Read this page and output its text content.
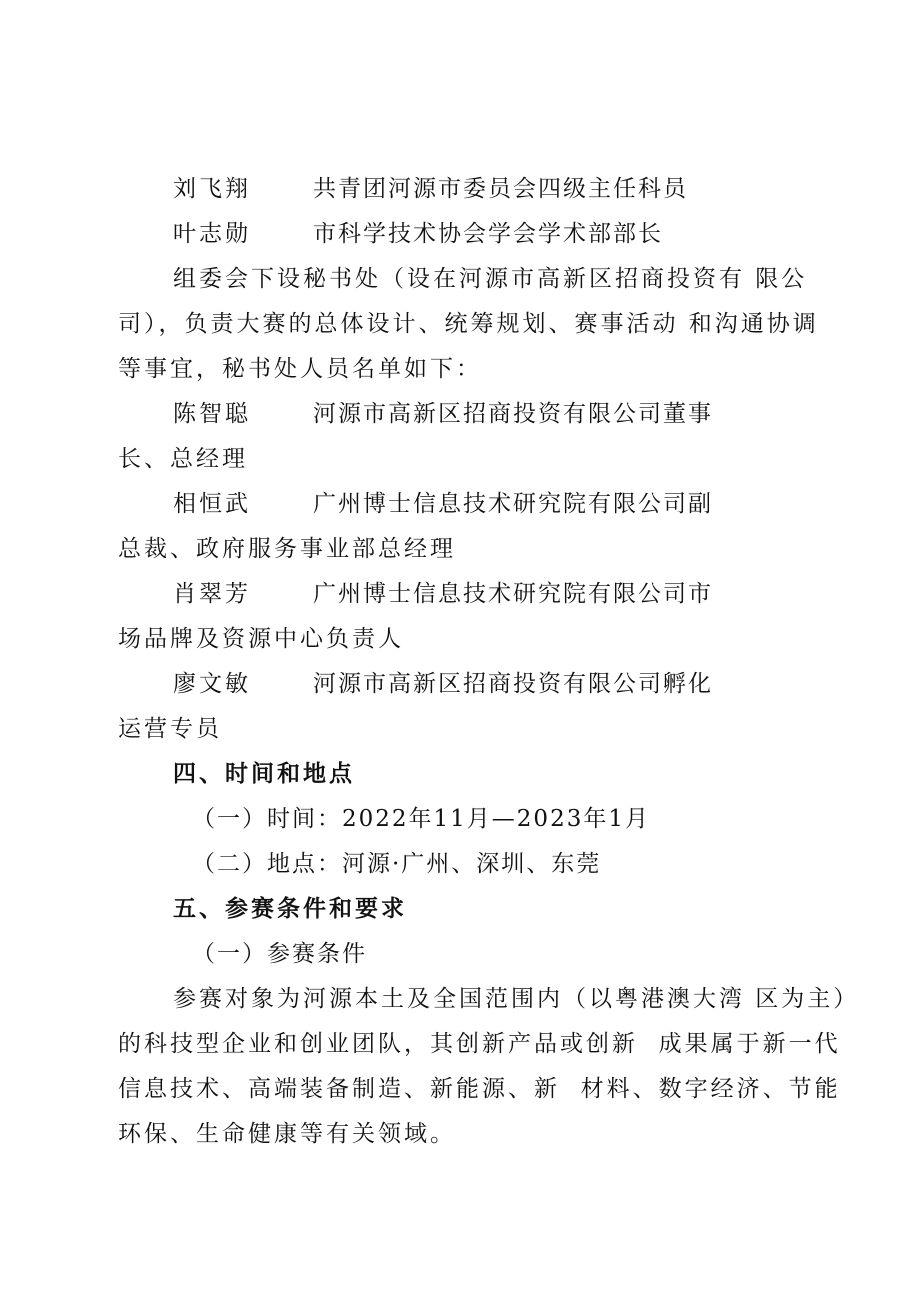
刘飞翔	共青团河源市委员会四级主任科员
叶志勋	市科学技术协会学会学术部部长
组委会下设秘书处（设在河源市高新区招商投资有 限公
司），负责大赛的总体设计、统筹规划、赛事活动 和沟通协调
等事宜，秘书处人员名单如下：
陈智聪	河源市高新区招商投资有限公司董事
长、总经理
相恒武	广州博士信息技术研究院有限公司副
总裁、政府服务事业部总经理
肖翠芳	广州博士信息技术研究院有限公司市
场品牌及资源中心负责人
廖文敏	河源市高新区招商投资有限公司孵化
运营专员
四、时间和地点
（一）时间：2022年11月—2023年1月
（二）地点：河源·广州、深圳、东莞
五、参赛条件和要求
（一）参赛条件
参赛对象为河源本土及全国范围内（以粤港澳大湾 区为主）
的科技型企业和创业团队，其创新产品或创新  成果属于新一代
信息技术、高端装备制造、新能源、新  材料、数字经济、节能
环保、生命健康等有关领域。
